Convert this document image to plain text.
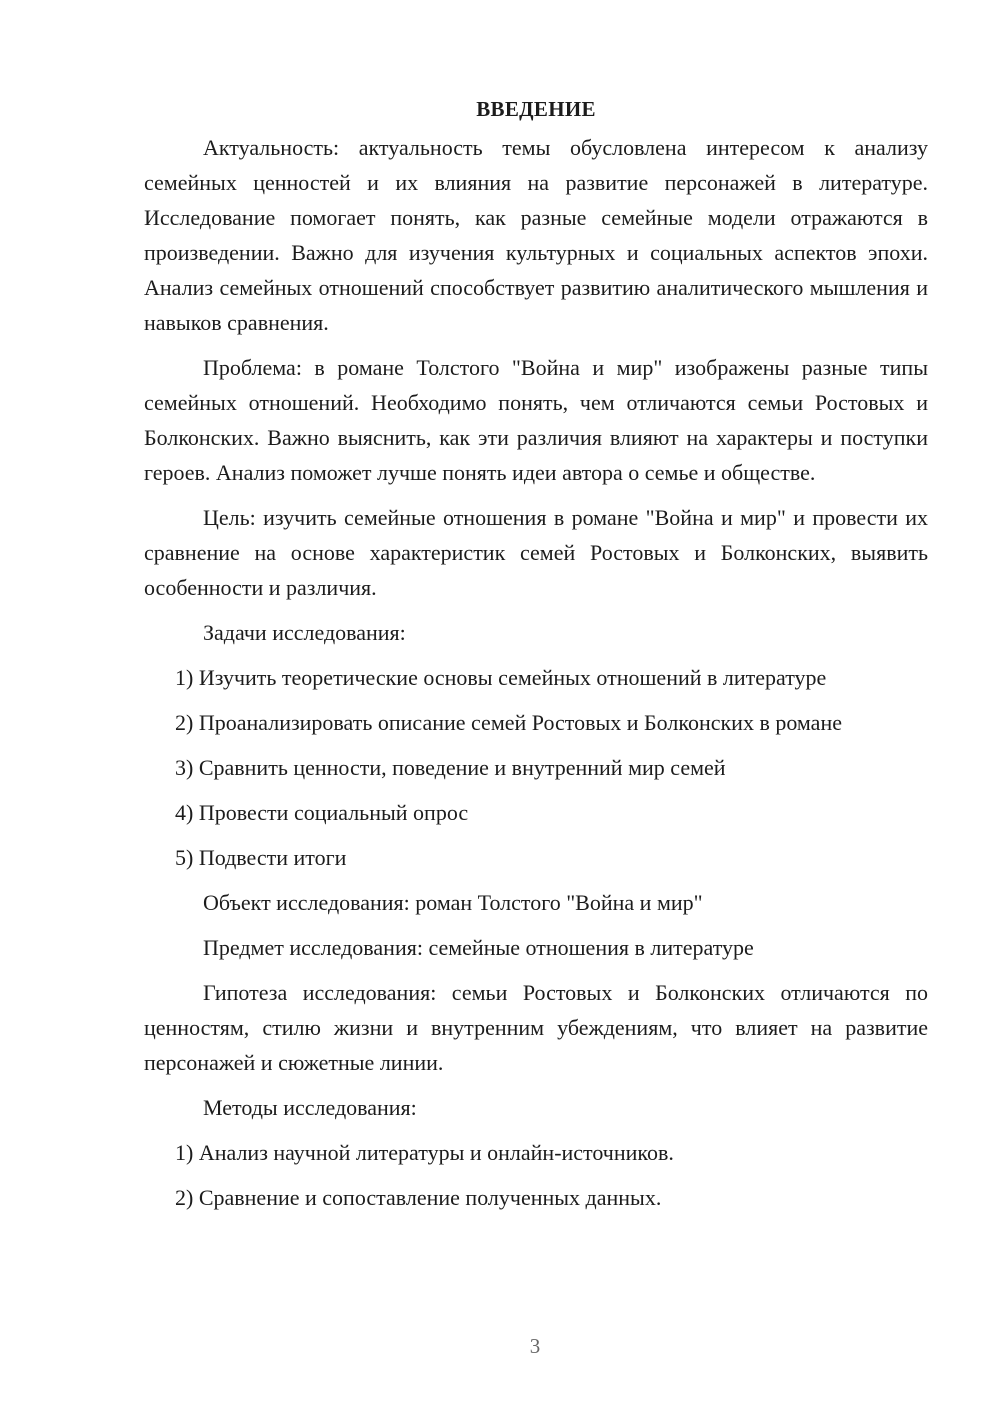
ВВЕДЕНИЕ

Актуальность: актуальность темы обусловлена интересом к анализу семейных ценностей и их влияния на развитие персонажей в литературе. Исследование помогает понять, как разные семейные модели отражаются в произведении. Важно для изучения культурных и социальных аспектов эпохи. Анализ семейных отношений способствует развитию аналитического мышления и навыков сравнения.

Проблема: в романе Толстого "Война и мир" изображены разные типы семейных отношений. Необходимо понять, чем отличаются семьи Ростовых и Болконских. Важно выяснить, как эти различия влияют на характеры и поступки героев. Анализ поможет лучше понять идеи автора о семье и обществе.

Цель: изучить семейные отношения в романе "Война и мир" и провести их сравнение на основе характеристик семей Ростовых и Болконских, выявить особенности и различия.

Задачи исследования:

1) Изучить теоретические основы семейных отношений в литературе

2) Проанализировать описание семей Ростовых и Болконских в романе

3) Сравнить ценности, поведение и внутренний мир семей

4) Провести социальный опрос

5) Подвести итоги

Объект исследования: роман Толстого "Война и мир"

Предмет исследования: семейные отношения в литературе

Гипотеза исследования: семьи Ростовых и Болконских отличаются по ценностям, стилю жизни и внутренним убеждениям, что влияет на развитие персонажей и сюжетные линии.

Методы исследования:

1) Анализ научной литературы и онлайн-источников.

2) Сравнение и сопоставление полученных данных.

3
